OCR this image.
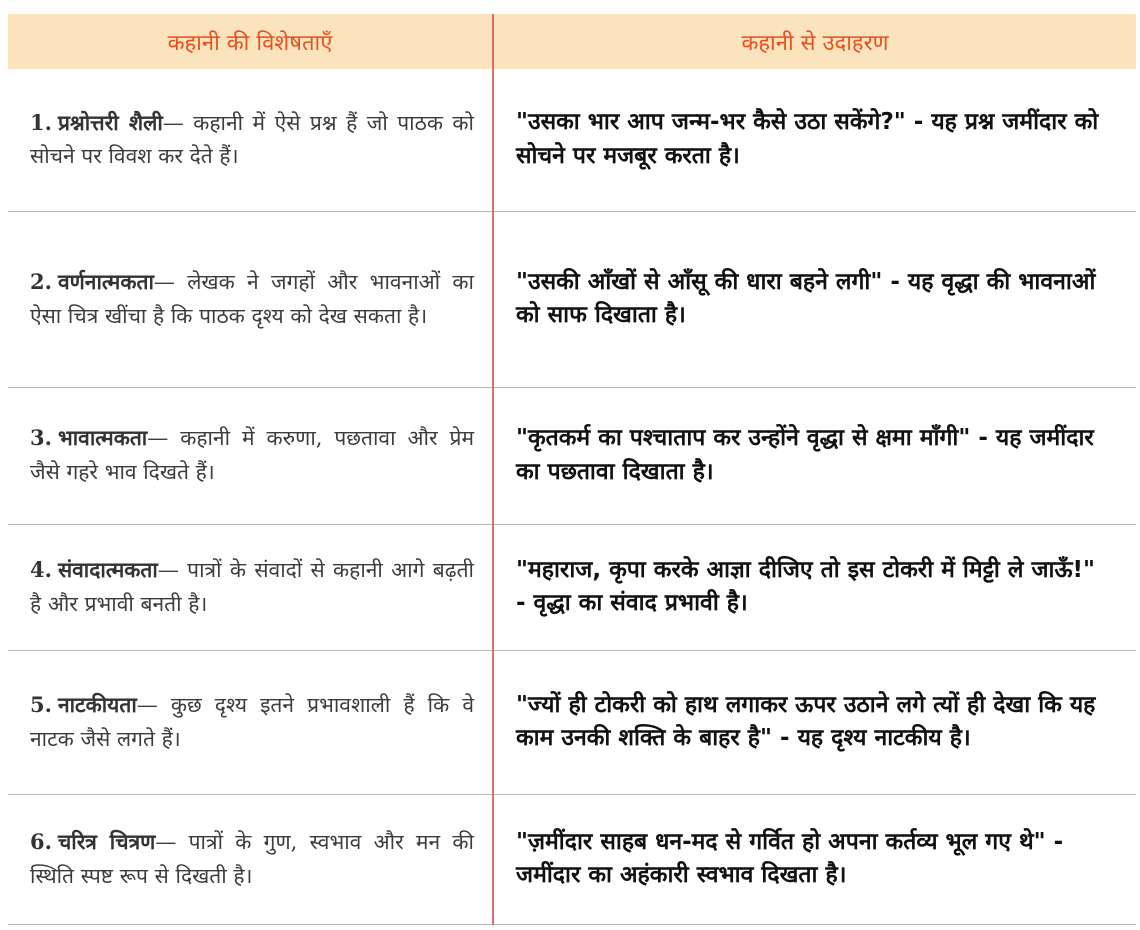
कहानी की विशेषताएँ	कहानी से उदाहरण

1. प्रश्नोत्तरी शैली— कहानी में ऐसे प्रश्न हैं जो पाठक को सोचने पर विवश कर देते हैं।	"उसका भार आप जन्म-भर कैसे उठा सकेंगे?" - यह प्रश्न जमींदार को सोचने पर मजबूर करता है।

2. वर्णनात्मकता— लेखक ने जगहों और भावनाओं का ऐसा चित्र खींचा है कि पाठक दृश्य को देख सकता है।	"उसकी आँखों से आँसू की धारा बहने लगी" - यह वृद्धा की भावनाओं को साफ दिखाता है।

3. भावात्मकता— कहानी में करुणा, पछतावा और प्रेम जैसे गहरे भाव दिखते हैं।	"कृतकर्म का पश्चाताप कर उन्होंने वृद्धा से क्षमा माँगी" - यह जमींदार का पछतावा दिखाता है।

4. संवादात्मकता— पात्रों के संवादों से कहानी आगे बढ़ती है और प्रभावी बनती है।	"महाराज, कृपा करके आज्ञा दीजिए तो इस टोकरी में मिट्टी ले जाऊँ!" - वृद्धा का संवाद प्रभावी है।

5. नाटकीयता— कुछ दृश्य इतने प्रभावशाली हैं कि वे नाटक जैसे लगते हैं।	"ज्यों ही टोकरी को हाथ लगाकर ऊपर उठाने लगे त्यों ही देखा कि यह काम उनकी शक्ति के बाहर है" - यह दृश्य नाटकीय है।

6. चरित्र चित्रण— पात्रों के गुण, स्वभाव और मन की स्थिति स्पष्ट रूप से दिखती है।	"ज़मींदार साहब धन-मद से गर्वित हो अपना कर्तव्य भूल गए थे" - जमींदार का अहंकारी स्वभाव दिखता है।
